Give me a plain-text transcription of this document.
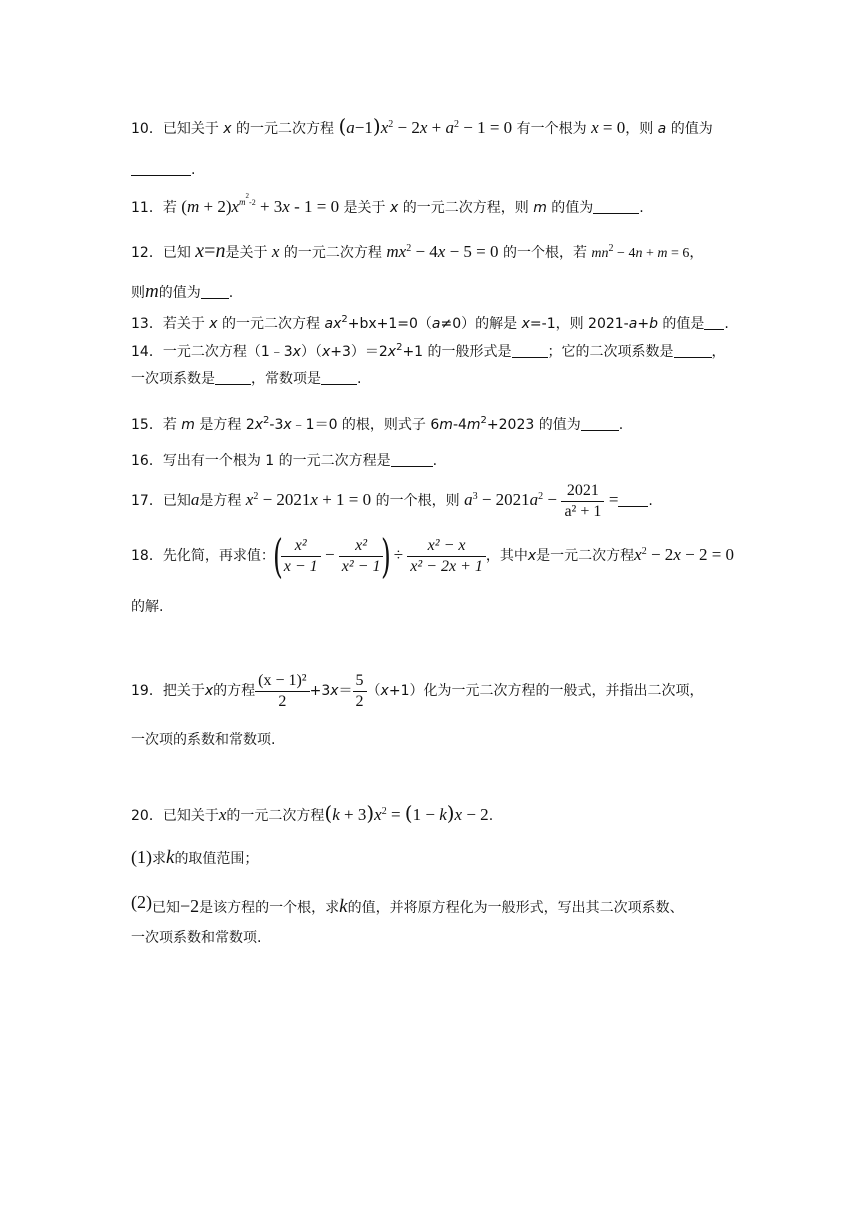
10．已知关于 x 的一元二次方程 $(a-1)x^2 - 2x + a^2 - 1 = 0$ 有一个根为 x = 0，则 a 的值为
.
11．若 $(m + 2)x^{m^2-2} + 3x - 1 = 0$ 是关于 x 的一元二次方程，则 m 的值为	.
12．已知 x=n是关于 x 的一元二次方程 $mx^2 - 4x - 5 = 0$ 的一个根，若 $mn^2 - 4n + m = 6$，
则m的值为 .
13．若关于 x 的一元二次方程 $ax^2+bx+1=0(a\ne 0)$的解是 x=-1，则 2021-a+b 的值是 .
14．一元二次方程$(1﹣3x)(x+3)=2x^2+1$ 的一般形式是	；它的二次项系数是	，
一次项系数是	，常数项是	.
15．若 m 是方程 $2x^2-3x﹣1=0$ 的根，则式子 $6m-4m^2+2023$ 的值为	.
16．写出有一个根为 1 的一元二次方程是	.
17．已知a是方程 $x^2 - 2021x + 1 = 0$ 的一个根，则 $a^3 - 2021a^2 - \frac{2021}{\text{a² + 1}}$ = .
18．先化简，再求值：(
$\frac{\text{x²}}{x - 1} - \frac{\text{x²}}{\text{x² − 1}}$
) ÷ $\frac{\text{x² − x}}{\text{x² − 2x + 1}}$ ，其中x是一元二次方程$x^2 - 2x - 2 = 0$
的解.
19．把关于x的方程 $\frac{\text{(x − 1)²}}{2} +3x= \frac{5}{2} (x+1)$化为一元二次方程的一般式，并指出二次项，
一次项的系数和常数项.
20．已知关于x的一元二次方程$(k + 3)x^2 = (1 - k)x - 2$.
(1)求k的取值范围；
(2)已知−2是该方程的一个根，求k的值，并将原方程化为一般形式，写出其二次项系数、
一次项系数和常数项.
